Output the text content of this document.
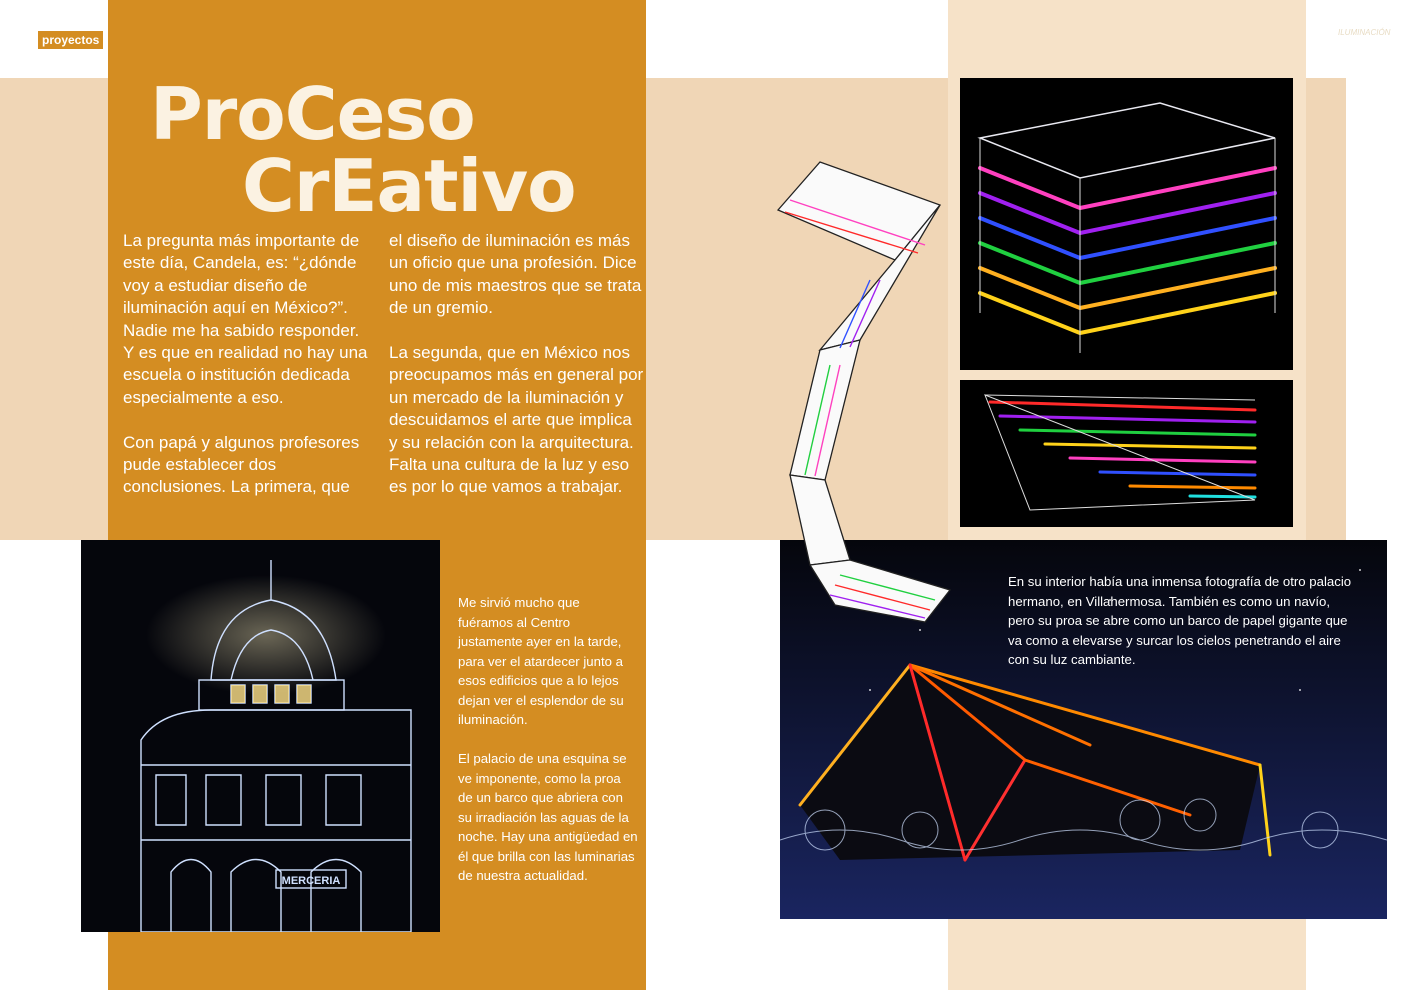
proyectos
ILUMINACIÓN
ProCeso
CrEativo

La pregunta más importante de este día, Candela, es: “¿dónde voy a estudiar diseño de iluminación aquí en México?”. Nadie me ha sabido responder. Y es que en realidad no hay una escuela o institución dedicada especialmente a eso.

Con papá y algunos profesores pude establecer dos conclusiones. La primera, que

el diseño de iluminación es más un oficio que una profesión. Dice uno de mis maestros que se trata de un gremio.

La segunda, que en México nos preocupamos más en general por un mercado de la iluminación y descuidamos el arte que implica y su relación con la arquitectura. Falta una cultura de la luz y eso es por lo que vamos a trabajar.

MERCERIA

Me sirvió mucho que fuéramos al Centro justamente ayer en la tarde, para ver el atardecer junto a esos edificios que a lo lejos dejan ver el esplendor de su iluminación.

El palacio de una esquina se ve imponente, como la proa de un barco que abriera con su irradiación las aguas de la noche. Hay una antigüedad en él que brilla con las luminarias de nuestra actualidad.

En su interior había una inmensa fotografía de otro palacio hermano, en Villahermosa. También es como un navío, pero su proa se abre como un barco de papel gigante que va como a elevarse y surcar los cielos penetrando el aire con su luz cambiante.
